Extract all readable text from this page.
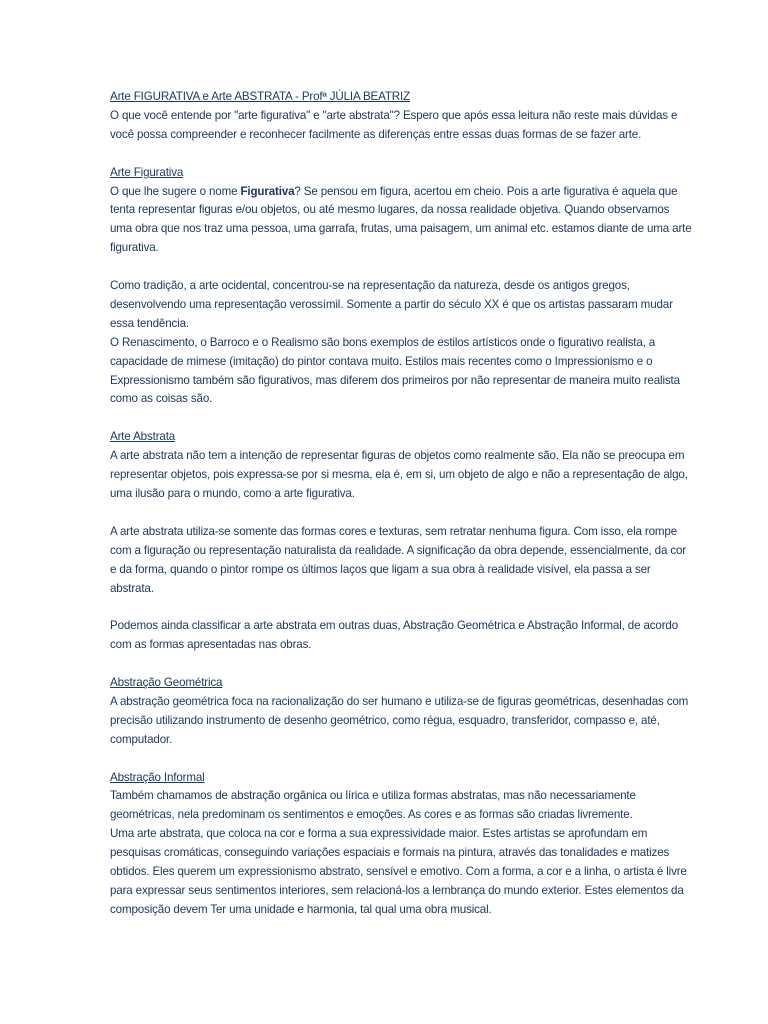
Arte FIGURATIVA e Arte ABSTRATA - Profª JÚLIA BEATRIZ
O que você entende por "arte figurativa" e "arte abstrata"? Espero que após essa leitura não reste mais dúvidas e
você possa compreender e reconhecer facilmente as diferenças entre essas duas formas de se fazer arte.
Arte Figurativa
O que lhe sugere o nome Figurativa? Se pensou em figura, acertou em cheio. Pois a arte figurativa é aquela que
tenta representar figuras e/ou objetos, ou até mesmo lugares, da nossa realidade objetiva. Quando observamos
uma obra que nos traz uma pessoa, uma garrafa, frutas, uma paisagem, um animal etc. estamos diante de uma arte
figurativa.
Como tradição, a arte ocidental, concentrou-se na representação da natureza, desde os antigos gregos,
desenvolvendo uma representação verossímil. Somente a partir do século XX é que os artistas passaram mudar
essa tendência.
O Renascimento, o Barroco e o Realismo são bons exemplos de estilos artísticos onde o figurativo realista, a
capacidade de mimese (imitação) do pintor contava muito. Estilos mais recentes como o Impressionismo e o
Expressionismo também são figurativos, mas diferem dos primeiros por não representar de maneira muito realista
como as coisas são.
Arte Abstrata
A arte abstrata não tem a intenção de representar figuras de objetos como realmente são. Ela não se preocupa em
representar objetos, pois expressa-se por si mesma, ela é, em si, um objeto de algo e não a representação de algo,
uma ilusão para o mundo, como a arte figurativa.
A arte abstrata utiliza-se somente das formas cores e texturas, sem retratar nenhuma figura. Com isso, ela rompe
com a figuração ou representação naturalista da realidade. A significação da obra depende, essencialmente, da cor
e da forma, quando o pintor rompe os últimos laços que ligam a sua obra à realidade visível, ela passa a ser
abstrata.
Podemos ainda classificar a arte abstrata em outras duas, Abstração Geométrica e Abstração Informal, de acordo
com as formas apresentadas nas obras.
Abstração Geométrica
A abstração geométrica foca na racionalização do ser humano e utiliza-se de figuras geométricas, desenhadas com
precisão utilizando instrumento de desenho geométrico, como régua, esquadro, transferidor, compasso e, até,
computador.
Abstração Informal
Também chamamos de abstração orgânica ou lírica e utiliza formas abstratas, mas não necessariamente
geométricas, nela predominam os sentimentos e emoções. As cores e as formas são criadas livremente.
Uma arte abstrata, que coloca na cor e forma a sua expressividade maior. Estes artistas se aprofundam em
pesquisas cromáticas, conseguindo variações espaciais e formais na pintura, através das tonalidades e matizes
obtidos. Eles querem um expressionismo abstrato, sensível e emotivo. Com a forma, a cor e a linha, o artista é livre
para expressar seus sentimentos interiores, sem relacioná-los a lembrança do mundo exterior. Estes elementos da
composição devem Ter uma unidade e harmonia, tal qual uma obra musical.
